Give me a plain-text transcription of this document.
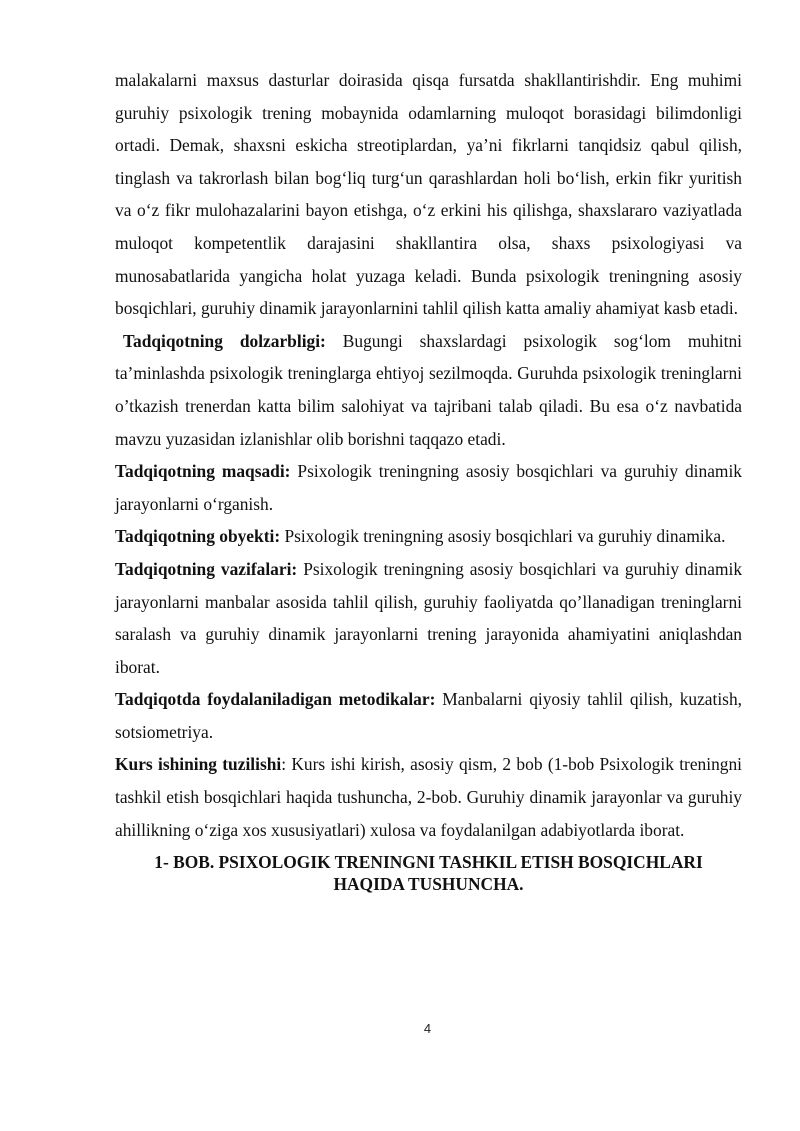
malakalarni maxsus dasturlar doirasida qisqa fursatda shakllantirishdir. Eng muhimi guruhiy psixologik trening mobaynida odamlarning muloqot borasidagi bilimdonligi ortadi. Demak, shaxsni eskicha streotiplardan, ya’ni fikrlarni tanqidsiz qabul qilish, tinglash va takrorlash bilan bog‘liq turg‘un qarashlardan holi bo‘lish, erkin fikr yuritish va o‘z fikr mulohazalarini bayon etishga, o‘z erkini his qilishga, shaxslararo vaziyatlada muloqot kompetentlik darajasini shakllantira olsa, shaxs psixologiyasi va munosabatlarida yangicha holat yuzaga keladi. Bunda psixologik treningning asosiy bosqichlari, guruhiy dinamik jarayonlarnini tahlil qilish katta amaliy ahamiyat kasb etadi.

Tadqiqotning dolzarbligi: Bugungi shaxslardagi psixologik sog‘lom muhitni ta’minlashda psixologik treninglarga ehtiyoj sezilmoqda. Guruhda psixologik treninglarni o’tkazish trenerdan katta bilim salohiyat va tajribani talab qiladi. Bu esa o‘z navbatida mavzu yuzasidan izlanishlar olib borishni taqqazo etadi.

Tadqiqotning maqsadi: Psixologik treningning asosiy bosqichlari va guruhiy dinamik jarayonlarni o‘rganish.

Tadqiqotning obyekti: Psixologik treningning asosiy bosqichlari va guruhiy dinamika.

Tadqiqotning vazifalari: Psixologik treningning asosiy bosqichlari va guruhiy dinamik jarayonlarni manbalar asosida tahlil qilish, guruhiy faoliyatda qo’llanadigan treninglarni saralash va guruhiy dinamik jarayonlarni trening jarayonida ahamiyatini aniqlashdan iborat.

Tadqiqotda foydalaniladigan metodikalar: Manbalarni qiyosiy tahlil qilish, kuzatish, sotsiometriya.

Kurs ishining tuzilishi: Kurs ishi kirish, asosiy qism, 2 bob (1-bob Psixologik treningni tashkil etish bosqichlari haqida tushuncha, 2-bob. Guruhiy dinamik jarayonlar va guruhiy ahillikning o‘ziga xos xususiyatlari) xulosa va foydalanilgan adabiyotlarda iborat.

1- BOB. PSIXOLOGIK TRENINGNI TASHKIL ETISH BOSQICHLARI
HAQIDA TUSHUNCHA.
4
